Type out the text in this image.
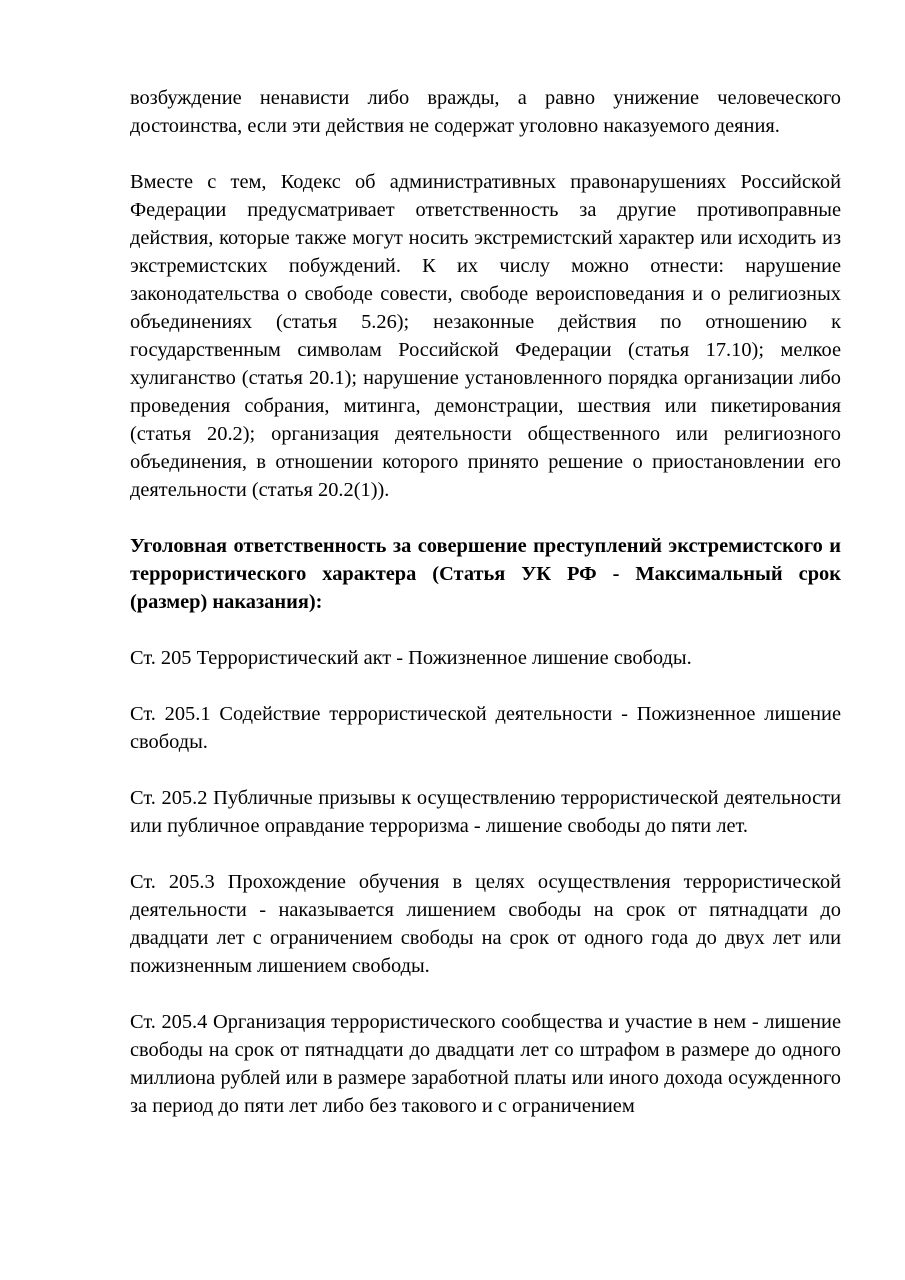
возбуждение ненависти либо вражды, а равно унижение человеческого достоинства, если эти действия не содержат уголовно наказуемого деяния.

Вместе с тем, Кодекс об административных правонарушениях Российской Федерации предусматривает ответственность за другие противоправные действия, которые также могут носить экстремистский характер или исходить из экстремистских побуждений. К их числу можно отнести: нарушение законодательства о свободе совести, свободе вероисповедания и о религиозных объединениях (статья 5.26); незаконные действия по отношению к государственным символам Российской Федерации (статья 17.10); мелкое хулиганство (статья 20.1); нарушение установленного порядка организации либо проведения собрания, митинга, демонстрации, шествия или пикетирования (статья 20.2); организация деятельности общественного или религиозного объединения, в отношении которого принято решение о приостановлении его деятельности (статья 20.2(1)).

Уголовная ответственность за совершение преступлений экстремистского и террористического характера (Статья УК РФ - Максимальный срок (размер) наказания):

Ст. 205 Террористический акт - Пожизненное лишение свободы.

Ст. 205.1 Содействие террористической деятельности - Пожизненное лишение свободы.

Ст. 205.2 Публичные призывы к осуществлению террористической деятельности или публичное оправдание терроризма - лишение свободы до пяти лет.

Ст. 205.3 Прохождение обучения в целях осуществления террористической деятельности - наказывается лишением свободы на срок от пятнадцати до двадцати лет с ограничением свободы на срок от одного года до двух лет или пожизненным лишением свободы.

Ст. 205.4 Организация террористического сообщества и участие в нем - лишение свободы на срок от пятнадцати до двадцати лет со штрафом в размере до одного миллиона рублей или в размере заработной платы или иного дохода осужденного за период до пяти лет либо без такового и с ограничением
